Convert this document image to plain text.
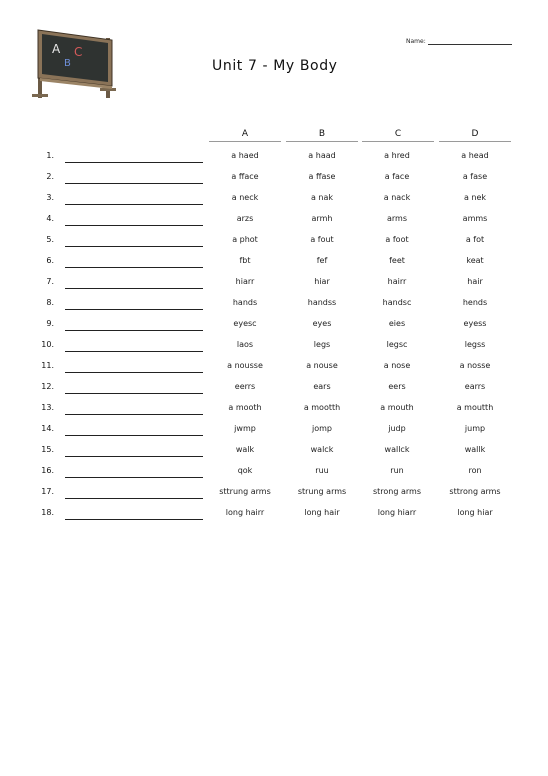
A
B
C
Name:
Unit 7 - My Body
A	B	C	D
1.	a haed	a haad	a hred	a head
2.	a fface	a ffase	a face	a fase
3.	a neck	a nak	a nack	a nek
4.	arzs	armh	arms	amms
5.	a phot	a fout	a foot	a fot
6.	fbt	fef	feet	keat
7.	hiarr	hiar	hairr	hair
8.	hands	handss	handsc	hends
9.	eyesc	eyes	eies	eyess
10.	laos	legs	legsc	legss
11.	a nousse	a nouse	a nose	a nosse
12.	eerrs	ears	eers	earrs
13.	a mooth	a mootth	a mouth	a moutth
14.	jwmp	jomp	judp	jump
15.	walk	walck	wallck	wallk
16.	qok	ruu	run	ron
17.	sttrung arms	strung arms	strong arms	sttrong arms
18.	long hairr	long hair	long hiarr	long hiar
